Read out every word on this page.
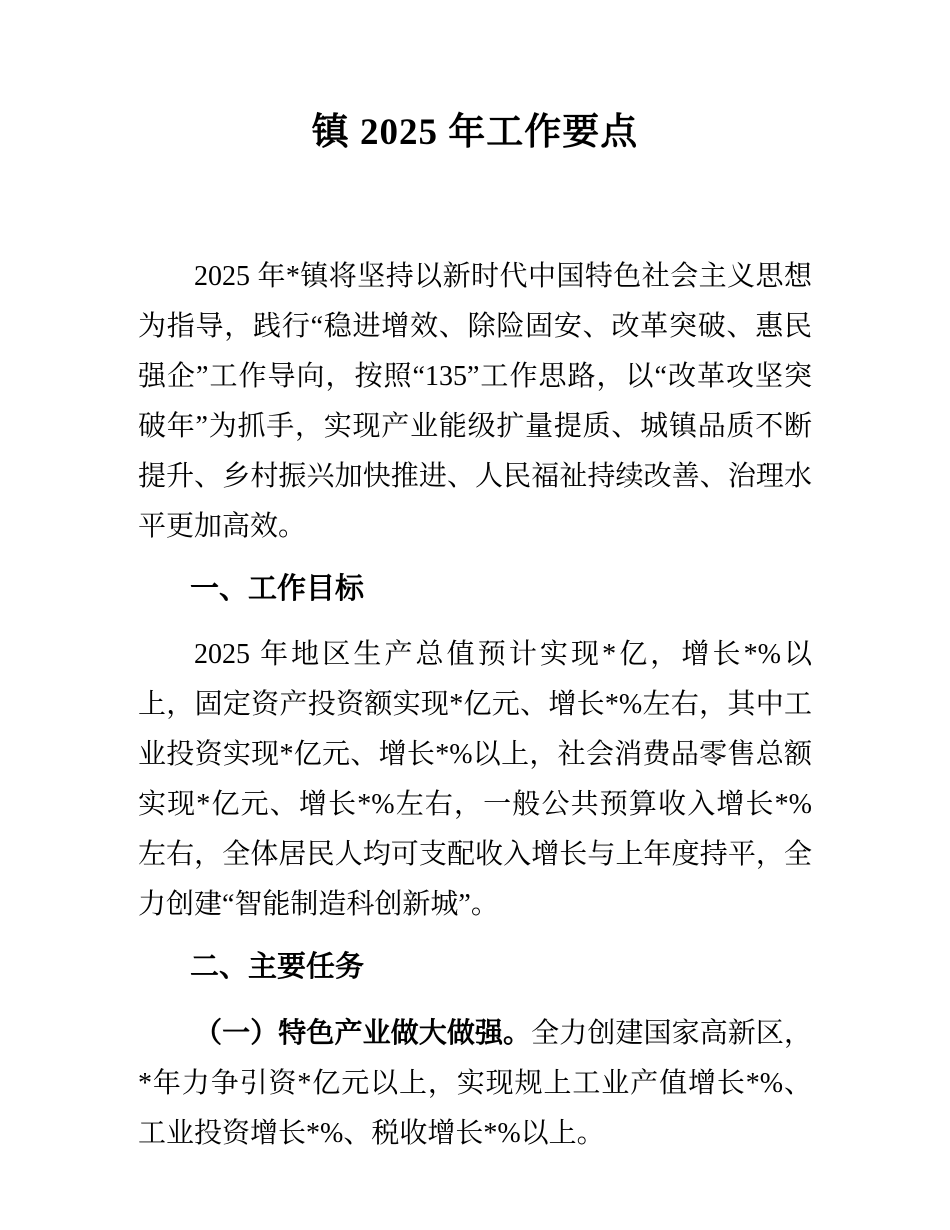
镇 2025 年工作要点

2025 年*镇将坚持以新时代中国特色社会主义思想为指导，践行“稳进增效、除险固安、改革突破、惠民强企”工作导向，按照“135”工作思路，以“改革攻坚突破年”为抓手，实现产业能级扩量提质、城镇品质不断提升、乡村振兴加快推进、人民福祉持续改善、治理水平更加高效。

一、工作目标

2025 年地区生产总值预计实现*亿，增长*%以上，固定资产投资额实现*亿元、增长*%左右，其中工业投资实现*亿元、增长*%以上，社会消费品零售总额实现*亿元、增长*%左右，一般公共预算收入增长*%左右，全体居民人均可支配收入增长与上年度持平，全力创建“智能制造科创新城”。

二、主要任务

（一）特色产业做大做强。全力创建国家高新区，*年力争引资*亿元以上，实现规上工业产值增长*%、工业投资增长*%、税收增长*%以上。
